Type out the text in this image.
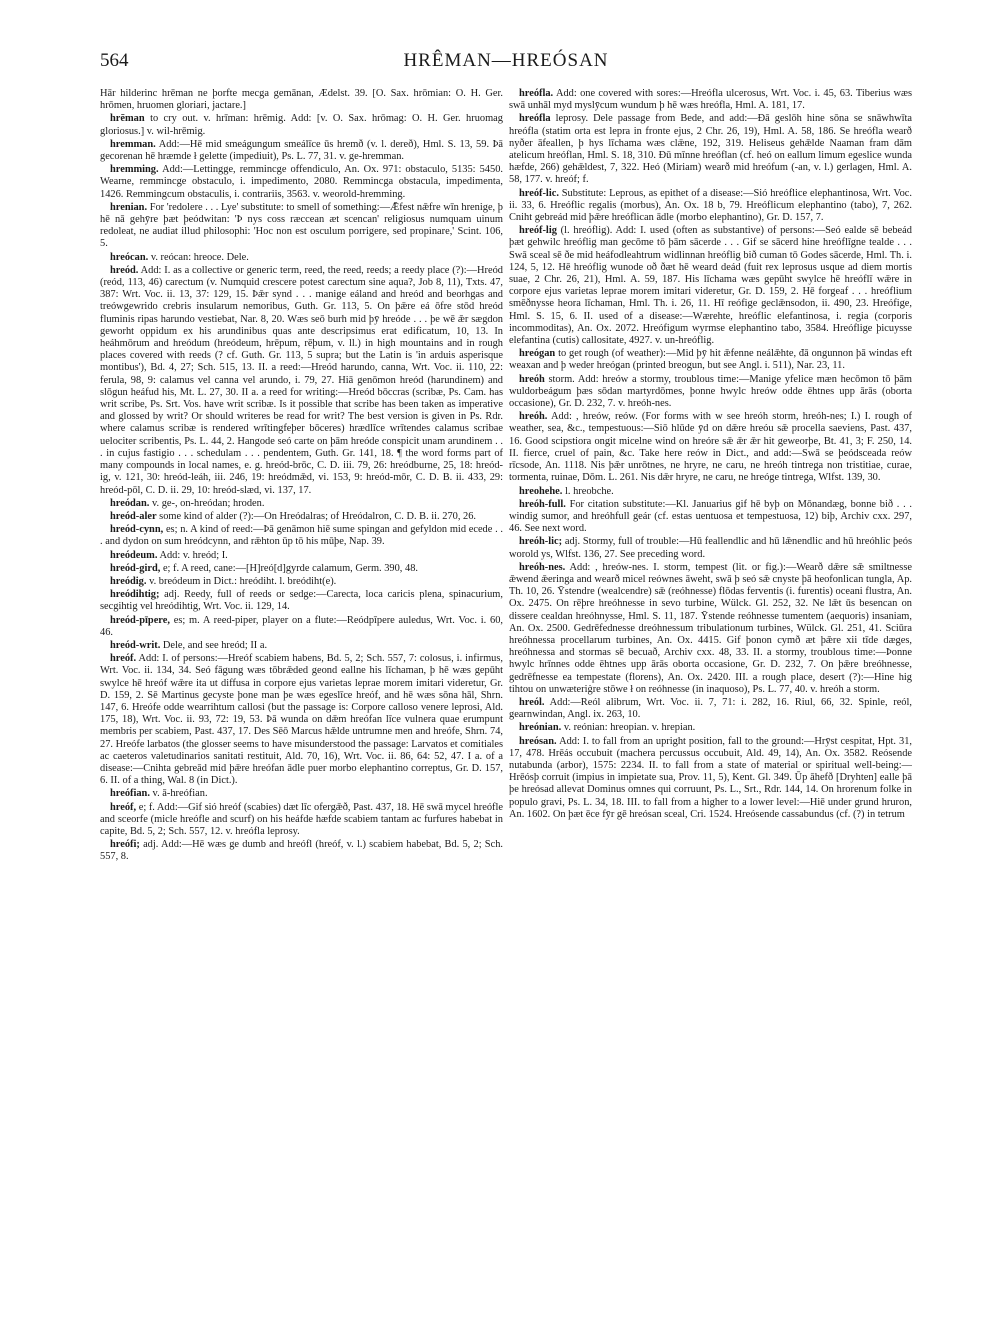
564	HRÊMAN—HREÓSAN

Hār hilderinc hrēman ne þorfte mecga gemānan, Ædelst. 39. [O. Sax. hrōmian: O. H. Ger. hrōmen, hruomen gloriari, jactare.]

hrēman to cry out. v. hrīman: hrēmig. Add: [v. O. Sax. hrōmag: O. H. Ger. hruomag gloriosus.] v. wil-hrēmig.

hremman. Add:—Hē mid smeágungum smeálīce ūs hremð (v. l. dereð), Hml. S. 13, 59. Þā gecorenan hē hræmde ł gelette (impediuit), Ps. L. 77, 31. v. ge-hremman.

hremming. Add:—Lettingge, remmincge offendiculo, An. Ox. 971: obstaculo, 5135: 5450. Wearne, remmincge obstaculo, i. impedimento, 2080. Remmincga obstacula, impedimenta, 1426. Remmingcum obstaculis, i. contrariis, 3563. v. weorold-hremming.

hrenian. For 'redolere . . . Lye' substitute: to smell of something:—Ǣfest nǣfre wīn hrenige, þ hē nā gehȳre þæt þeódwitan: 'Þ nys coss ræccean æt scencan' religiosus numquam uinum redoleat, ne audiat illud philosophi: 'Hoc non est osculum porrigere, sed propinare,' Scint. 106, 5.

hreócan. v. reócan: hreoce. Dele.

hreód. Add: I. as a collective or generic term, reed, the reed, reeds; a reedy place (?):—Hreód (reód, 113, 46) carectum (v. Numquid crescere potest carectum sine aqua?, Job 8, 11), Txts. 47, 387: Wrt. Voc. ii. 13, 37: 129, 15. Þǣr synd . . . manige eáland and hreód and beorhgas and treówgewrido crebris insularum nemoribus, Guth. Gr. 113, 5. On þǣre eá ōfre stōd hreód fluminis ripas harundo vestiebat, Nar. 8, 20. Wæs seō burh mid þȳ hreóde . . . þe wē ǣr sægdon geworht oppidum ex his arundinibus quas ante descripsimus erat edificatum, 10, 13. In heáhmōrum and hreódum (hreódeum, hrēpum, rēþum, v. ll.) in high mountains and in rough places covered with reeds (? cf. Guth. Gr. 113, 5 supra; but the Latin is 'in arduis asperisque montibus'), Bd. 4, 27; Sch. 515, 13. II. a reed:—Hreód harundo, canna, Wrt. Voc. ii. 110, 22: ferula, 98, 9: calamus vel canna vel arundo, i. 79, 27. Hiā genōmon hreód (harundinem) and slōgun heáfud his, Mt. L. 27, 30. II a. a reed for writing:—Hreód bōccras (scribæ, Ps. Cam. has writ scribe, Ps. Srt. Vos. have writ scribæ. Is it possible that scribe has been taken as imperative and glossed by writ? Or should writeres be read for writ? The best version is given in Ps. Rdr. where calamus scribæ is rendered wrītingfeþer bōceres) hrædlīce wrītendes calamus scribae uelociter scribentis, Ps. L. 44, 2. Hangode seó carte on þām hreóde conspicit unam arundinem . . . in cujus fastigio . . . schedulam . . . pendentem, Guth. Gr. 141, 18. ¶ the word forms part of many compounds in local names, e. g. hreód-brōc, C. D. iii. 79, 26: hreódburne, 25, 18: hreód-ig, v. 121, 30: hreód-leáh, iii. 246, 19: hreódmǣd, vi. 153, 9: hreód-mōr, C. D. B. ii. 433, 29: hreód-pōl, C. D. ii. 29, 10: hreód-slæd, vi. 137, 17.

hreódan. v. ge-, on-hreódan; hroden.

hreód-aler some kind of alder (?):—On Hreódalras; of Hreódalron, C. D. B. ii. 270, 26.

hreód-cynn, es; n. A kind of reed:—Þā genāmon hiē sume spingan and gefyldon mid ecede . . . and dydon on sum hreódcynn, and rǣhton ūp tō his mūþe, Nap. 39.

hreódeum. Add: v. hreód; I.

hreód-gird, e; f. A reed, cane:—[H]reó[d]gyrde calamum, Germ. 390, 48.

hreódig. v. breódeum in Dict.: hreódiht. l. breódiht(e).

hreódihtig; adj. Reedy, full of reeds or sedge:—Carecta, loca caricis plena, spinacurium, secgihtig vel hreódihtig, Wrt. Voc. ii. 129, 14.

hreód-pīpere, es; m. A reed-piper, player on a flute:—Reódpīpere auledus, Wrt. Voc. i. 60, 46.

hreód-writ. Dele, and see hreód; II a.

hreóf. Add: I. of persons:—Hreóf scabiem habens, Bd. 5, 2; Sch. 557, 7: colosus, i. infirmus, Wrt. Voc. ii. 134, 34. Seó fāgung wæs tōbrǣded geond eallne his līchaman, þ hē wæs gepūht swylce hē hreóf wǣre ita ut diffusa in corpore ejus varietas leprae morem imitari videretur, Gr. D. 159, 2. Sē Martinus gecyste þone man þe wæs egeslīce hreóf, and hē wæs sōna hāl, Shrn. 147, 6. Hreófe odde wearrihtum callosi (but the passage is: Corpore calloso venere leprosi, Ald. 175, 18), Wrt. Voc. ii. 93, 72: 19, 53. Þā wunda on dǣm hreófan līce vulnera quae erumpunt membris per scabiem, Past. 437, 17. Des Sēō Marcus hǣlde untrumne men and hreófe, Shrn. 74, 27. Hreófe larbatos (the glosser seems to have misunderstood the passage: Larvatos et comitiales ac caeteros valetudinarios sanitati restituit, Ald. 70, 16), Wrt. Voc. ii. 86, 64: 52, 47. I a. of a disease:—Cnihta gebreād mid þǣre hreófan ādle puer morbo elephantino correptus, Gr. D. 157, 6. II. of a thing, Wal. 8 (in Dict.).

hreófian. v. ā-hreófian.

hreóf, e; f. Add:—Gif sió hreóf (scabies) dæt līc ofergǣð, Past. 437, 18. Hē swā mycel hreófle and sceorfe (micle hreófle and scurf) on his heáfde hæfde scabiem tantam ac furfures habebat in capite, Bd. 5, 2; Sch. 557, 12. v. hreófla leprosy.

hreófi; adj. Add:—Hē wæs ge dumb and hreófl (hreóf, v. l.) scabiem habebat, Bd. 5, 2; Sch. 557, 8.

hreófla. Add: one covered with sores:—Hreófla ulcerosus, Wrt. Voc. i. 45, 63. Tiberius wæs swā unhāl myd myslȳcum wundum þ hē wæs hreófla, Hml. A. 181, 17.

hreófla leprosy. Dele passage from Bede, and add:—Đā geslōh hine sōna se snāwhwīta hreófla (statim orta est lepra in fronte ejus, 2 Chr. 26, 19), Hml. A. 58, 186. Se hreófla wearð nyðer āfeallen, þ hys līchama wæs clǣne, 192, 319. Heliseus gehǣlde Naaman fram dām atelicum hreóflan, Hml. S. 18, 310. Đū mīnne hreóflan (cf. heó on eallum limum egeslice wunda hæfde, 266) gehǣldest, 7, 322. Heó (Miriam) wearð mid hreófum (-an, v. l.) gerlagen, Hml. A. 58, 177. v. hreóf; f.

hreóf-lic. Substitute: Leprous, as epithet of a disease:—Sió hreóflice elephantinosa, Wrt. Voc. ii. 33, 6. Hreóflic regalis (morbus), An. Ox. 18 b, 79. Hreóflicum elephantino (tabo), 7, 262. Cniht gebreád mid þǣre hreóflican ādle (morbo elephantino), Gr. D. 157, 7.

hreóf-lig (l. hreóflig). Add: I. used (often as substantive) of persons:—Seó ealde sē bebeád þæt gehwilc hreóflig man gecōme tō þām sācerde . . . Gif se sācerd hine hreóflīgne tealde . . . Swā sceal sē ðe mid heáfodleahtrum widlinnan hreóflig bið cuman tō Godes sācerde, Hml. Th. i. 124, 5, 12. Hē hreóflig wunode oð ðæt hē weard deád (fuit rex leprosus usque ad diem mortis suae, 2 Chr. 26, 21), Hml. A. 59, 187. His līchama wæs gepūht swylce hē hreóflī wǣre in corpore ejus varietas leprae morem imitari videretur, Gr. D. 159, 2. Hē forgeaf . . . hreóflium smēðnysse heora līchaman, Hml. Th. i. 26, 11. Hī reófige geclǣnsodon, ii. 490, 23. Hreófige, Hml. S. 15, 6. II. used of a disease:—Wærehte, hreóflic elefantinosa, i. regia (corporis incommoditas), An. Ox. 2072. Hreófigum wyrmse elephantino tabo, 3584. Hreóflige þicuysse elefantina (cutis) callositate, 4927. v. un-hreóflig.

hreógan to get rough (of weather):—Mid þȳ hit ǣfenne neálǣhte, đā ongunnon þā windas eft weaxan and þ weder hreógan (printed breogun, but see Angl. i. 511), Nar. 23, 11.

hreóh storm. Add: hreów a stormy, troublous time:—Manige yfelice mæn hecōmon tō þām wuldorbeágum þæs sōdan martyrdōmes, þonne hwylc hreów odde ēhtnes upp ārās (oborta occasione), Gr. D. 232, 7. v. hreóh-nes.

hreóh. Add: , hreów, reów. (For forms with w see hreóh storm, hreóh-nes; I.) I. rough of weather, sea, &c., tempestuous:—Siō hlūde ȳd on dǣre hreóu sǣ procella saeviens, Past. 437, 16. Good scipstiora ongit micelne wind on hreóre sǣ ǣr ǣr hit geweorþe, Bt. 41, 3; F. 250, 14. II. fierce, cruel of pain, &c. Take here reów in Dict., and add:—Swā se þeódsceada reów rīcsode, An. 1118. Nis þǣr unrōtnes, ne hryre, ne caru, ne hreóh tintrega non tristitiae, curae, tormenta, ruinae, Dōm. L. 261. Nis dǣr hryre, ne caru, ne hreóge tintrega, Wlfst. 139, 30.

hreohehe. l. hreobche.

hreóh-full. For citation substitute:—Kl. Januarius gif hē byþ on Mōnandæg, bonne bið . . . windig sumor, and hreóhfull geár (cf. estas uentuosa et tempestuosa, 12) biþ, Archiv cxx. 297, 46. See next word.

hreóh-lic; adj. Stormy, full of trouble:—Hū feallendlic and hū lǣnendlic and hū hreóhlic þeós worold ys, Wlfst. 136, 27. See preceding word.

hreóh-nes. Add: , hreów-nes. I. storm, tempest (lit. or fig.):—Wearð dǣre sǣ smiltnesse ǣwend ǣeringa and wearð micel reównes āweht, swā þ seó sǣ cnyste þā heofonlican tungla, Ap. Th. 10, 26. Ȳstendre (wealcendre) sǣ (reóhnesse) flōdas ferventis (i. furentis) oceani flustra, An. Ox. 2475. On rēþre hreóhnesse in sevo turbine, Wülck. Gl. 252, 32. Ne lǣt ūs besencan on dissere cealdan hreóhnysse, Hml. S. 11, 187. Ȳstende reóhnesse tumentem (aequoris) insaniam, An. Ox. 2500. Gedrēfednesse dreóhnessum tribulationum turbines, Wülck. Gl. 251, 41. Sciūra hreóhnessa procellarum turbines, An. Ox. 4415. Gif þonon cymð æt þǣre xii tīde dæges, hreóhnessa and stormas sē becuað, Archiv cxx. 48, 33. II. a stormy, troublous time:—Þonne hwylc hrīnnes odde ēhtnes upp ārās oborta occasione, Gr. D. 232, 7. On þǣre breóhnesse, gedrēfnesse ea tempestate (florens), An. Ox. 2420. III. a rough place, desert (?):—Hine hig tihtou on unwæteriġre stōwe ł on reóhnesse (in inaquoso), Ps. L. 77, 40. v. hreóh a storm.

hreól. Add:—Reól alibrum, Wrt. Voc. ii. 7, 71: i. 282, 16. Riul, 66, 32. Spinle, reól, gearnwindan, Angl. ix. 263, 10.

hreónian. v. reónian: hreopian. v. hrepian.

hreósan. Add: I. to fall from an upright position, fall to the ground:—Hrȳst cespitat, Hpt. 31, 17, 478. Hrēás occubuit (machera percussus occubuit, Ald. 49, 14), An. Ox. 3582. Reósende nutabunda (arbor), 1575: 2234. II. to fall from a state of material or spiritual well-being:—Hrēósþ corruit (impius in impietate sua, Prov. 11, 5), Kent. Gl. 349. Ūp āhefð [Dryhten] ealle þā þe hreósad allevat Dominus omnes qui corruunt, Ps. L., Srt., Rdr. 144, 14. On hrorenum folke in populo gravi, Ps. L. 34, 18. III. to fall from a higher to a lower level:—Hiē under grund hruron, An. 1602. On þæt ēce fȳr gē hreósan sceal, Cri. 1524. Hreósende cassabundus (cf. (?) in tetrum
